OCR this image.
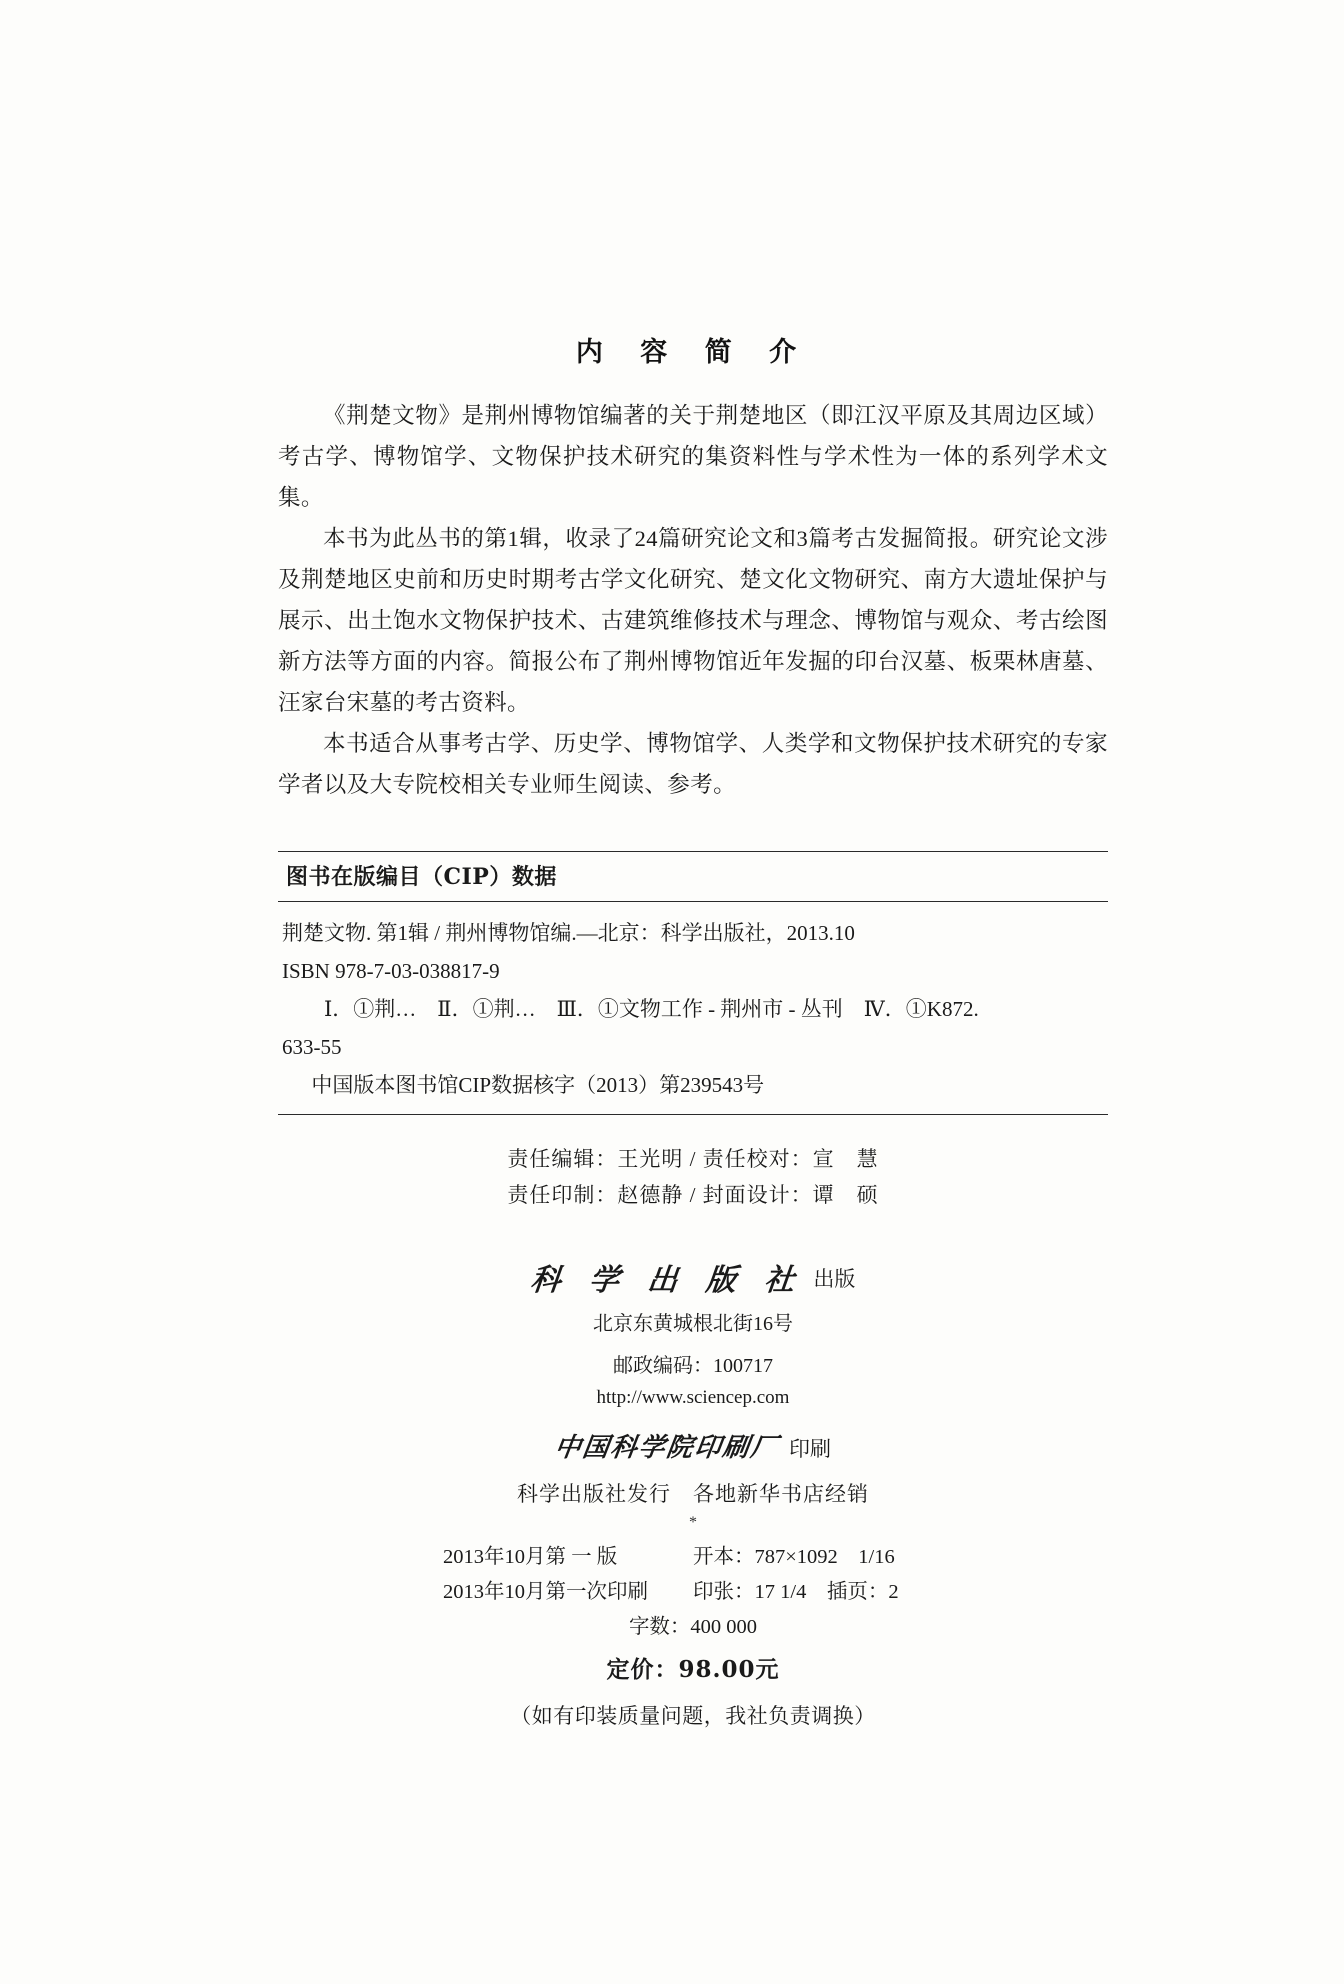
内 容 简 介

《荆楚文物》是荆州博物馆编著的关于荆楚地区（即江汉平原及其周边区域）考古学、博物馆学、文物保护技术研究的集资料性与学术性为一体的系列学术文集。

本书为此丛书的第1辑，收录了24篇研究论文和3篇考古发掘简报。研究论文涉及荆楚地区史前和历史时期考古学文化研究、楚文化文物研究、南方大遗址保护与展示、出土饱水文物保护技术、古建筑维修技术与理念、博物馆与观众、考古绘图新方法等方面的内容。简报公布了荆州博物馆近年发掘的印台汉墓、板栗林唐墓、汪家台宋墓的考古资料。

本书适合从事考古学、历史学、博物馆学、人类学和文物保护技术研究的专家学者以及大专院校相关专业师生阅读、参考。

图书在版编目（CIP）数据
荆楚文物. 第1辑 / 荆州博物馆编.—北京：科学出版社，2013.10
ISBN 978-7-03-038817-9
Ⅰ．①荆…　Ⅱ．①荆…　Ⅲ．①文物工作 - 荆州市 - 丛刊　Ⅳ．①K872.
633-55
中国版本图书馆CIP数据核字（2013）第239543号
责任编辑：王光明 / 责任校对：宣　慧
责任印制：赵德静 / 封面设计：谭　硕
科 学 出 版 社 出版
北京东黄城根北街16号
邮政编码：100717
http://www.sciencep.com
中国科学院印刷厂 印刷
科学出版社发行　各地新华书店经销
*
2013年10月第 一 版	开本：787×1092　1/16
2013年10月第一次印刷 印张：17 1/4　插页：2
字数：400 000
定价：98.00元
（如有印装质量问题，我社负责调换）
